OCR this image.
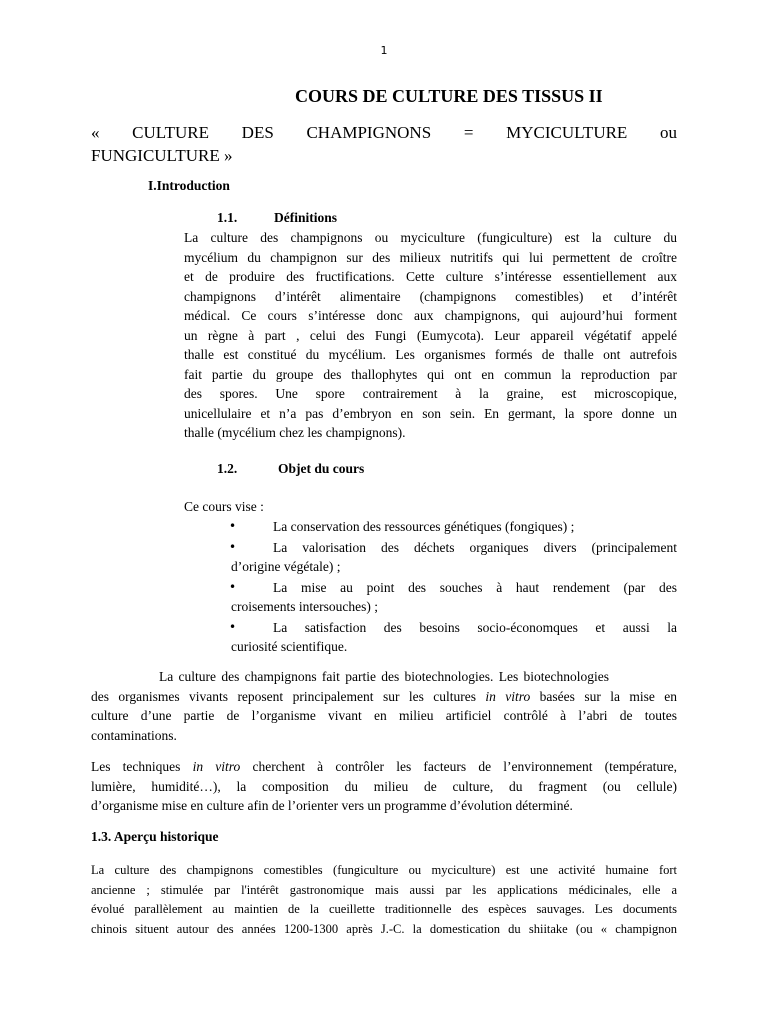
1
COURS DE CULTURE DES TISSUS II
« CULTURE DES CHAMPIGNONS = MYCICULTURE ou
FUNGICULTURE »
I.Introduction
1.1.	Définitions
La culture des champignons ou myciculture (fungiculture) est la culture du
mycélium du champignon sur des milieux nutritifs qui lui permettent de croître
et de produire des fructifications. Cette culture s’intéresse essentiellement aux
champignons d’intérêt alimentaire (champignons comestibles) et d’intérêt
médical. Ce cours s’intéresse donc aux champignons, qui aujourd’hui forment
un règne à part , celui des Fungi (Eumycota). Leur appareil végétatif appelé
thalle est constitué du mycélium. Les organismes formés de thalle ont autrefois
fait partie du groupe des thallophytes qui ont en commun la reproduction par
des spores. Une spore contrairement à la graine, est microscopique,
unicellulaire et n’a pas d’embryon en son sein. En germant, la spore donne un
thalle (mycélium chez les champignons).
1.2.	Objet du cours
Ce cours vise :
•	La conservation des ressources génétiques (fongiques) ;
•	La valorisation des déchets organiques divers (principalement
d’origine végétale) ;
•	La mise au point des souches à haut rendement (par des
croisements intersouches) ;
•	La satisfaction des besoins socio-économques et aussi la
curiosité scientifique.
La culture des champignons fait partie des biotechnologies. Les biotechnologies
des organismes vivants reposent principalement sur les cultures in vitro basées sur la mise en
culture d’une partie de l’organisme vivant en milieu artificiel contrôlé à l’abri de toutes
contaminations.
Les techniques in vitro cherchent à contrôler les facteurs de l’environnement (température,
lumière, humidité…), la composition du milieu de culture, du fragment (ou cellule)
d’organisme mise en culture afin de l’orienter vers un programme d’évolution déterminé.
1.3. Aperçu historique
La culture des champignons comestibles (fungiculture ou myciculture) est une activité humaine fort
ancienne ; stimulée par l'intérêt gastronomique mais aussi par les applications médicinales, elle a
évolué parallèlement au maintien de la cueillette traditionnelle des espèces sauvages. Les documents
chinois situent autour des années 1200-1300 après J.-C. la domestication du shiitake (ou « champignon
